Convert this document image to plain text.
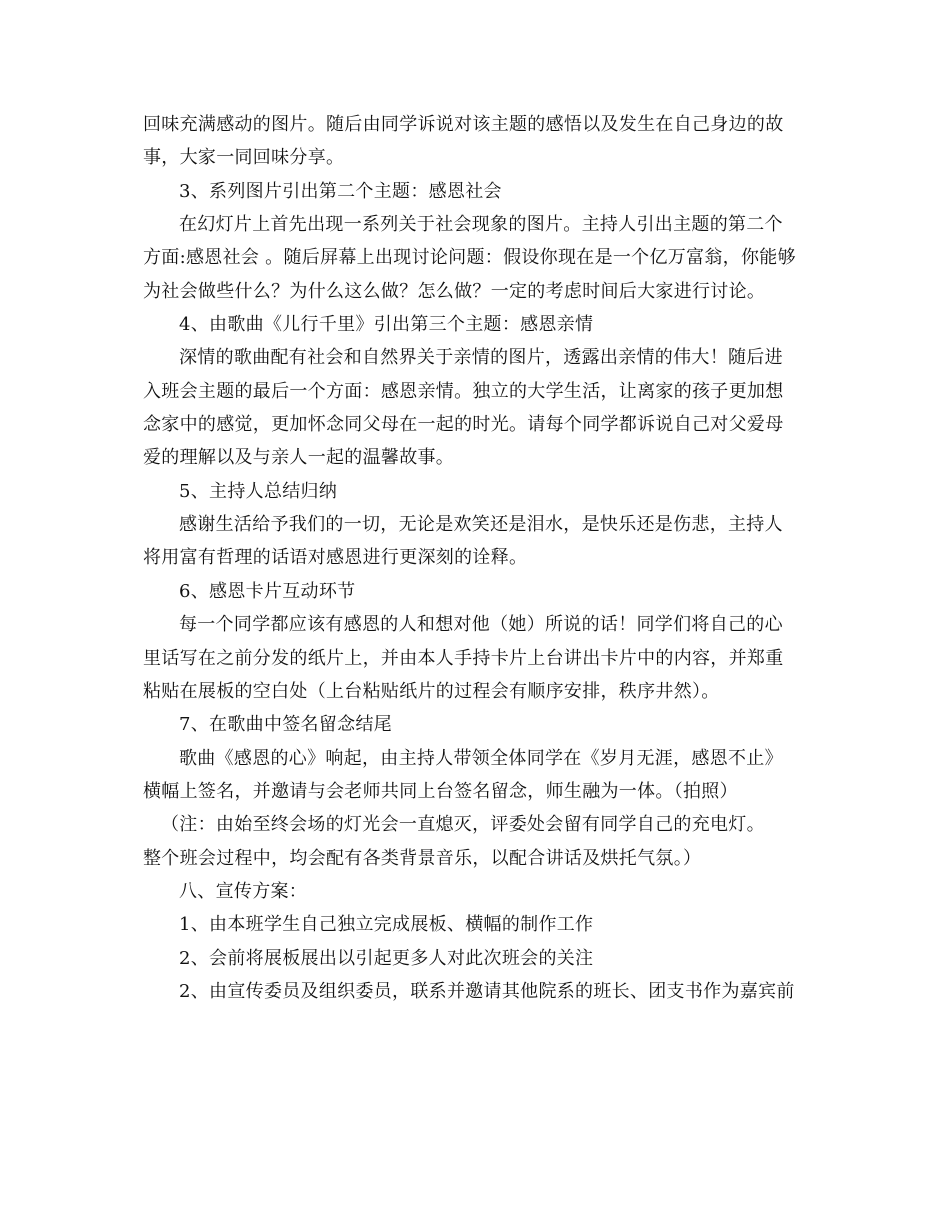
回味充满感动的图片。随后由同学诉说对该主题的感悟以及发生在自己身边的故
事，大家一同回味分享。
3、系列图片引出第二个主题：感恩社会
在幻灯片上首先出现一系列关于社会现象的图片。主持人引出主题的第二个
方面:感恩社会 。随后屏幕上出现讨论问题：假设你现在是一个亿万富翁，你能够
为社会做些什么？为什么这么做？怎么做？一定的考虑时间后大家进行讨论。
4、由歌曲《儿行千里》引出第三个主题：感恩亲情
深情的歌曲配有社会和自然界关于亲情的图片，透露出亲情的伟大！随后进
入班会主题的最后一个方面：感恩亲情。独立的大学生活，让离家的孩子更加想
念家中的感觉，更加怀念同父母在一起的时光。请每个同学都诉说自己对父爱母
爱的理解以及与亲人一起的温馨故事。
5、主持人总结归纳
感谢生活给予我们的一切，无论是欢笑还是泪水，是快乐还是伤悲，主持人
将用富有哲理的话语对感恩进行更深刻的诠释。
6、感恩卡片互动环节
每一个同学都应该有感恩的人和想对他（她）所说的话！同学们将自己的心
里话写在之前分发的纸片上，并由本人手持卡片上台讲出卡片中的内容，并郑重
粘贴在展板的空白处（上台粘贴纸片的过程会有顺序安排，秩序井然）。
7、在歌曲中签名留念结尾
歌曲《感恩的心》响起，由主持人带领全体同学在《岁月无涯，感恩不止》
横幅上签名，并邀请与会老师共同上台签名留念，师生融为一体。（拍照）
（注：由始至终会场的灯光会一直熄灭，评委处会留有同学自己的充电灯。
整个班会过程中，均会配有各类背景音乐，以配合讲话及烘托气氛。）
八、宣传方案：
1、由本班学生自己独立完成展板、横幅的制作工作
2、会前将展板展出以引起更多人对此次班会的关注
2、由宣传委员及组织委员，联系并邀请其他院系的班长、团支书作为嘉宾前
